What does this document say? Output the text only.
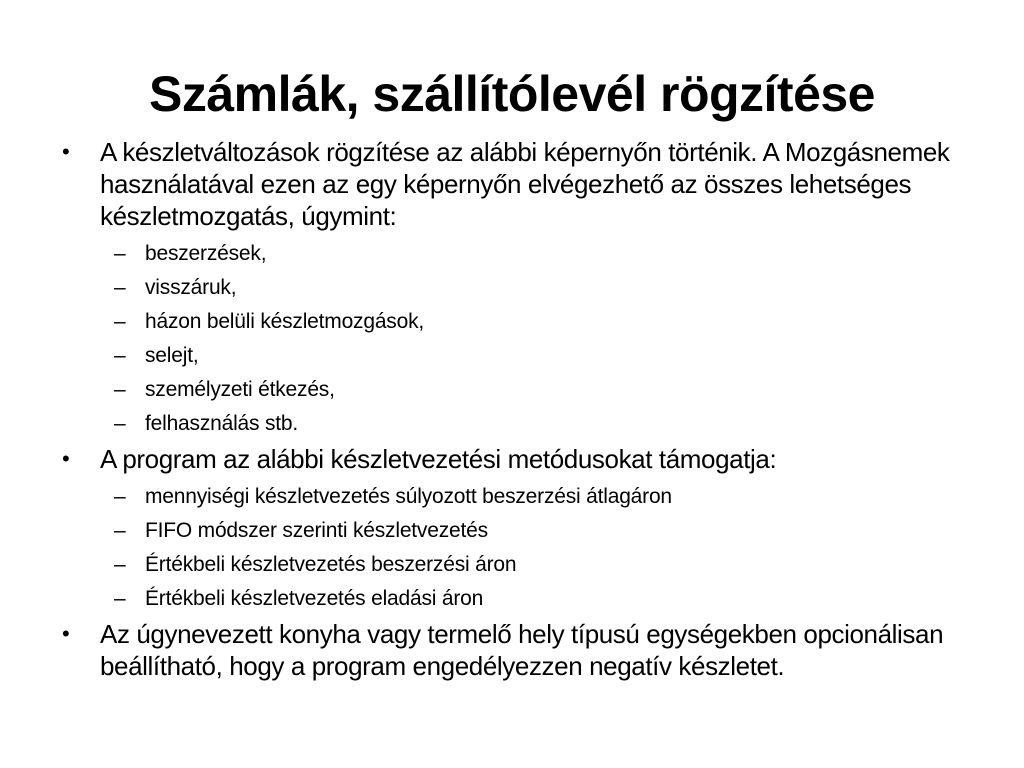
Számlák, szállítólevél rögzítése
• A készletváltozások rögzítése az alábbi képernyőn történik. A Mozgásnemek használatával ezen az egy képernyőn elvégezhető az összes lehetséges készletmozgatás, úgymint:
– beszerzések,
– visszáruk,
– házon belüli készletmozgások,
– selejt,
– személyzeti étkezés,
– felhasználás stb.
• A program az alábbi készletvezetési metódusokat támogatja:
– mennyiségi készletvezetés súlyozott beszerzési átlagáron
– FIFO módszer szerinti készletvezetés
– Értékbeli készletvezetés beszerzési áron
– Értékbeli készletvezetés eladási áron
• Az úgynevezett konyha vagy termelő hely típusú egységekben opcionálisan beállítható, hogy a program engedélyezzen negatív készletet.
